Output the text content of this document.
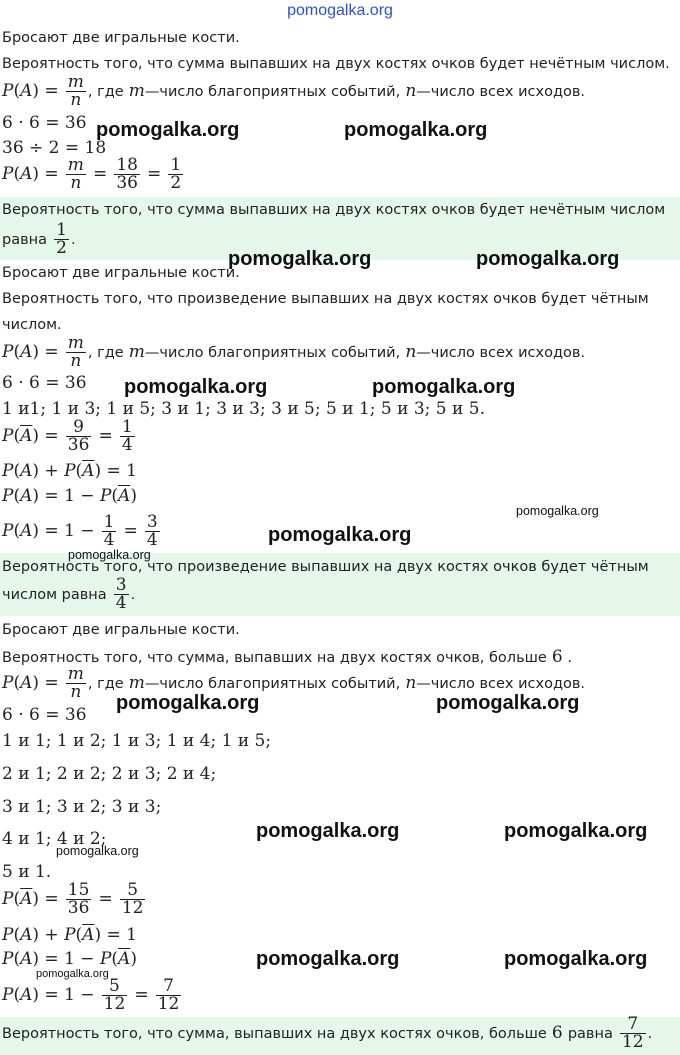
pomogalka.org
Бросают две игральные кости.
Вероятность того, что сумма выпавших на двух костях очков будет нечётным числом.
$P(A) = \frac{m}{n}$ , где m—число благоприятных событий, n—число всех исходов.
6 · 6 = 36
36 ÷ 2 = 18
$P(A) = \frac{m}{n} = \frac{18}{36} = \frac{1}{2}$
Вероятность того, что сумма выпавших на двух костях очков будет нечётным числом
равна $\frac{1}{2}$ .
Бросают две игральные кости.
Вероятность того, что произведение выпавших на двух костях очков будет чётным
числом.
$P(A) = \frac{m}{n}$ , где m—число благоприятных событий, n—число всех исходов.
6 · 6 = 36
1 и1; 1 и 3; 1 и 5; 3 и 1; 3 и 3; 3 и 5; 5 и 1; 5 и 3; 5 и 5.
$P(\overline{A}) = \frac{9}{36} = \frac{1}{4}$
$P(A) + P(\overline{A}) = 1$
$P(A) = 1 - P(\overline{A})$
$P(A) = 1 - \frac{1}{4} = \frac{3}{4}$
Вероятность того, что произведение выпавших на двух костях очков будет чётным
числом равна $\frac{3}{4}$ .
Бросают две игральные кости.
Вероятность того, что сумма, выпавших на двух костях очков, больше 6 .
$P(A) = \frac{m}{n}$ , где m—число благоприятных событий, n—число всех исходов.
6 · 6 = 36
1 и 1; 1 и 2; 1 и 3; 1 и 4; 1 и 5;
2 и 1; 2 и 2; 2 и 3; 2 и 4;
3 и 1; 3 и 2; 3 и 3;
4 и 1; 4 и 2;
5 и 1.
$P(\overline{A}) = \frac{15}{36} = \frac{5}{12}$
$P(A) + P(\overline{A}) = 1$
$P(A) = 1 - P(\overline{A})$
$P(A) = 1 - \frac{5}{12} = \frac{7}{12}$
Вероятность того, что сумма, выпавших на двух костях очков, больше 6 равна $\frac{7}{12}$ .
pomogalka.org	pomogalka.org
pomogalka.org	pomogalka.org
pomogalka.org	pomogalka.org
pomogalka.org
pomogalka.org
pomogalka.org
pomogalka.org	pomogalka.org
pomogalka.org	pomogalka.org
pomogalka.org
pomogalka.org	pomogalka.org
pomogalka.org
